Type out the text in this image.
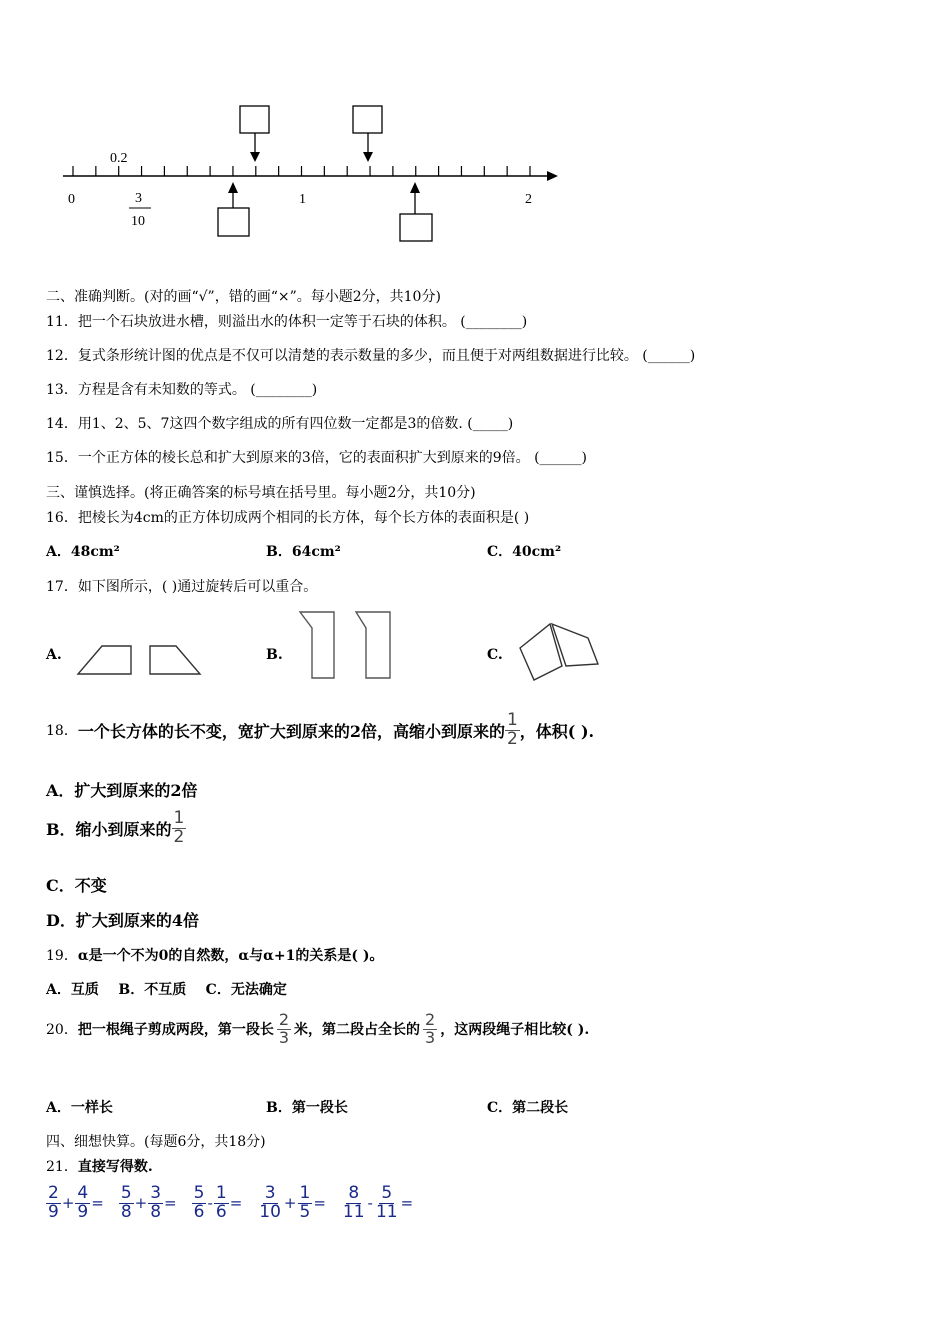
0.2
0	1	2
3
10
二、准确判断。(对的画“√”，错的画“×”。每小题2分，共10分)
11．把一个石块放进水槽，则溢出水的体积一定等于石块的体积。 (________)
12．复式条形统计图的优点是不仅可以清楚的表示数量的多少，而且便于对两组数据进行比较。 (______)
13．方程是含有未知数的等式。 (________)
14．用1、2、5、7这四个数字组成的所有四位数一定都是3的倍数. (_____)
15．一个正方体的棱长总和扩大到原来的3倍，它的表面积扩大到原来的9倍。 (______)
三、谨慎选择。(将正确答案的标号填在括号里。每小题2分，共10分)
16．把棱长为4cm的正方体切成两个相同的长方体，每个长方体的表面积是( )
A．48cm²	B．64cm²	C．40cm²
17．如下图所示，( )通过旋转后可以重合。
A.	B.	C.
18． 一个长方体的长不变，宽扩大到原来的2倍，高缩小到原来的 $\frac{1}{2}$ ，体积( ).
A．扩大到原来的2倍
B．缩小到原来的 $\frac{1}{2}$
C．不变
D．扩大到原来的4倍
19．α是一个不为0的自然数，α与α+1的关系是( )。
A．互质    B．不互质    C．无法确定
20． 把一根绳子剪成两段，第一段长 $\frac{2}{3}$ 米，第二段占全长的 $\frac{2}{3}$ ，这两段绳子相比较( ).
A．一样长	B．第一段长	C．第二段长
四、细想快算。(每题6分，共18分)
21．直接写得数.
$\frac{2}{9} + \frac{4}{9} = \frac{5}{8} + \frac{3}{8} = \frac{5}{6} - \frac{1}{6} = \frac{3}{10} + \frac{1}{5} = \frac{8}{11} - \frac{5}{11}$ =
